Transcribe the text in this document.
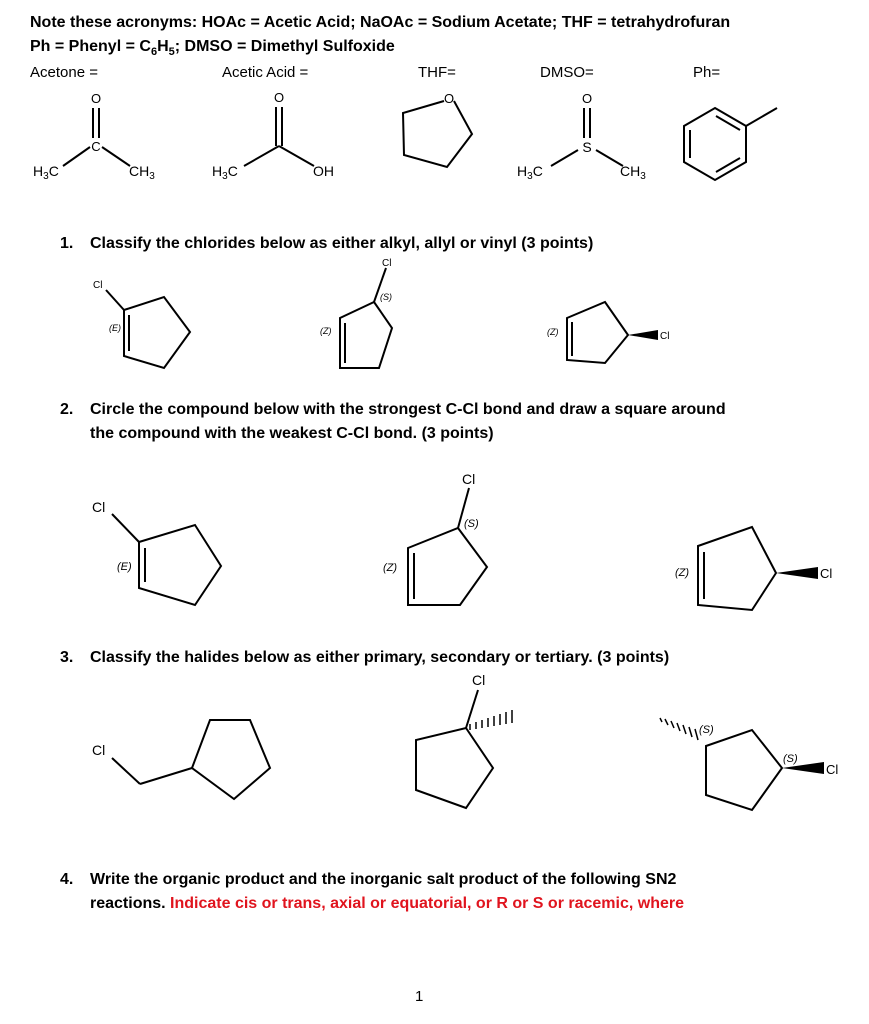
Note these acronyms: HOAc = Acetic Acid; NaOAc = Sodium Acetate; THF = tetrahydrofuran
Ph = Phenyl = $C_6H_5$; DMSO = Dimethyl Sulfoxide
Acetone =	Acetic Acid =	THF=	DMSO=	Ph=
1. Classify the chlorides below as either alkyl, allyl or vinyl (3 points)
2. Circle the compound below with the strongest C-Cl bond and draw a square around
the compound with the weakest C-Cl bond. (3 points)
3. Classify the halides below as either primary, secondary or tertiary. (3 points)
4. Write the organic product and the inorganic salt product of the following SN2
reactions. Indicate cis or trans, axial or equatorial, or R or S or racemic, where
1
O
C
$H_3C$	$CH_3$
O
$H_3C$	OH
O	O
S
$H_3C$	$CH_3$
Cl
(E)
Cl
(S)
(Z)	Cl
(Z)
Cl
(E)
Cl
(S)
(Z)	Cl
(Z)
Cl
Cl
Cl
(S)
(S)
